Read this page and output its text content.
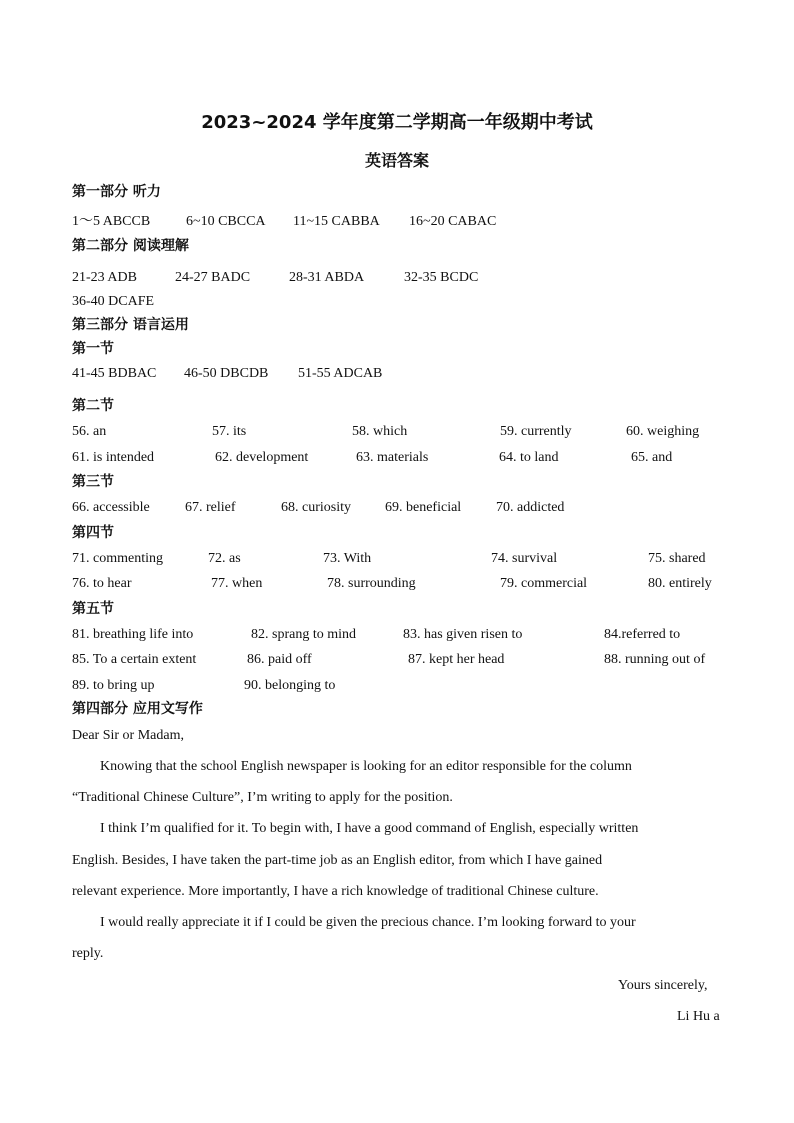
2023~2024 学年度第二学期高一年级期中考试
英语答案
第一部分 听力
1～5 ABCCB	6~10 CBCCA 11~15 CABBA 16~20 CABAC
第二部分 阅读理解
21-23 ADB	24-27 BADC	28-31 ABDA	32-35 BCDC
36-40 DCAFE
第三部分 语言运用
第一节
41-45 BDBAC 46-50 DBCDB 51-55 ADCAB
第二节
56. an	57. its	58. which	59. currently	60. weighing
61. is intended	62. development	63. materials	64. to land	65. and
第三节
66. accessible	67. relief	68. curiosity 69. beneficial 70. addicted
第四节
71. commenting	72. as	73. With	74. survival	75. shared
76. to hear	77. when	78. surrounding	79. commercial	80. entirely
第五节
81. breathing life into	82. sprang to mind	83. has given risen to	84.referred to
85. To a certain extent	86. paid off	87. kept her head	88. running out of
89. to bring up	90. belonging to
第四部分 应用文写作
Dear Sir or Madam,
Knowing that the school English newspaper is looking for an editor responsible for the column
“Traditional Chinese Culture”, I’m writing to apply for the position.
I think I’m qualified for it. To begin with, I have a good command of English, especially written
English. Besides, I have taken the part-time job as an English editor, from which I have gained
relevant experience. More importantly, I have a rich knowledge of traditional Chinese culture.
I would really appreciate it if I could be given the precious chance. I’m looking forward to your
reply.
Yours sincerely,
Li Hu a
